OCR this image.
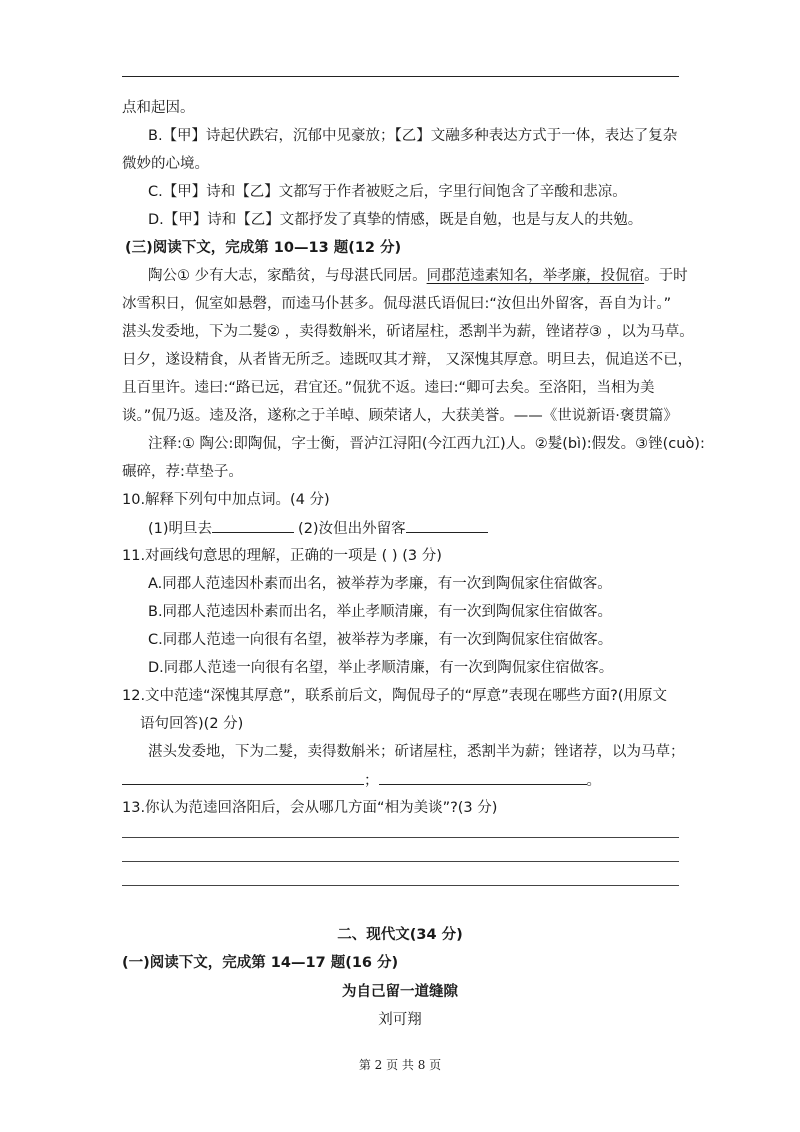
点和起因。
B.【甲】诗起伏跌宕，沉郁中见豪放；【乙】文融多种表达方式于一体，表达了复杂
微妙的心境。
C.【甲】诗和【乙】文都写于作者被贬之后，字里行间饱含了辛酸和悲凉。
D.【甲】诗和【乙】文都抒发了真挚的情感，既是自勉，也是与友人的共勉。
(三)阅读下文，完成第 10—13 题(12 分)
陶公① 少有大志，家酷贫，与母湛氏同居。同郡范逵素知名，举孝廉，投侃宿。于时
冰雪积日，侃室如悬磬，而逵马仆甚多。侃母湛氏语侃曰:“汝但出外留客，吾自为计。”
湛头发委地，下为二髮② ，卖得数斛米，斫诸屋柱，悉割半为薪，锉诸荐③ ，以为马草。
日夕，遂设精食，从者皆无所乏。逵既叹其才辩， 又深愧其厚意。明旦去，侃追送不已，
且百里许。逵曰:“路已远，君宜还。”侃犹不返。逵曰:“卿可去矣。至洛阳，当相为美
谈。”侃乃返。逵及洛，遂称之于羊晫、顾荣诸人，大获美誉。——《世说新语·褒贯篇》
注释:① 陶公:即陶侃，字士衡，晋泸江浔阳(今江西九江)人。②髮(bì):假发。③锉(cuò):
碾碎，荐:草垫子。
10.解释下列句中加点词。(4 分)
(1)明旦去	(2)汝但出外留客
11.对画线句意思的理解，正确的一项是 ( ) (3 分)
A.同郡人范逵因朴素而出名，被举荐为孝廉，有一次到陶侃家住宿做客。
B.同郡人范逵因朴素而出名，举止孝顺清廉，有一次到陶侃家住宿做客。
C.同郡人范逵一向很有名望，被举荐为孝廉，有一次到陶侃家住宿做客。
D.同郡人范逵一向很有名望，举止孝顺清廉，有一次到陶侃家住宿做客。
12.文中范逵“深愧其厚意”，联系前后文，陶侃母子的“厚意”表现在哪些方面?(用原文
语句回答)(2 分)
湛头发委地，下为二髮，卖得数斛米；斫诸屋柱，悉割半为薪；锉诸荐，以为马草；
；	。
13.你认为范逵回洛阳后，会从哪几方面“相为美谈”?(3 分)
二、现代文(34 分)
(一)阅读下文，完成第 14—17 题(16 分)
为自己留一道缝隙
刘可翔
第 2 页 共 8 页
